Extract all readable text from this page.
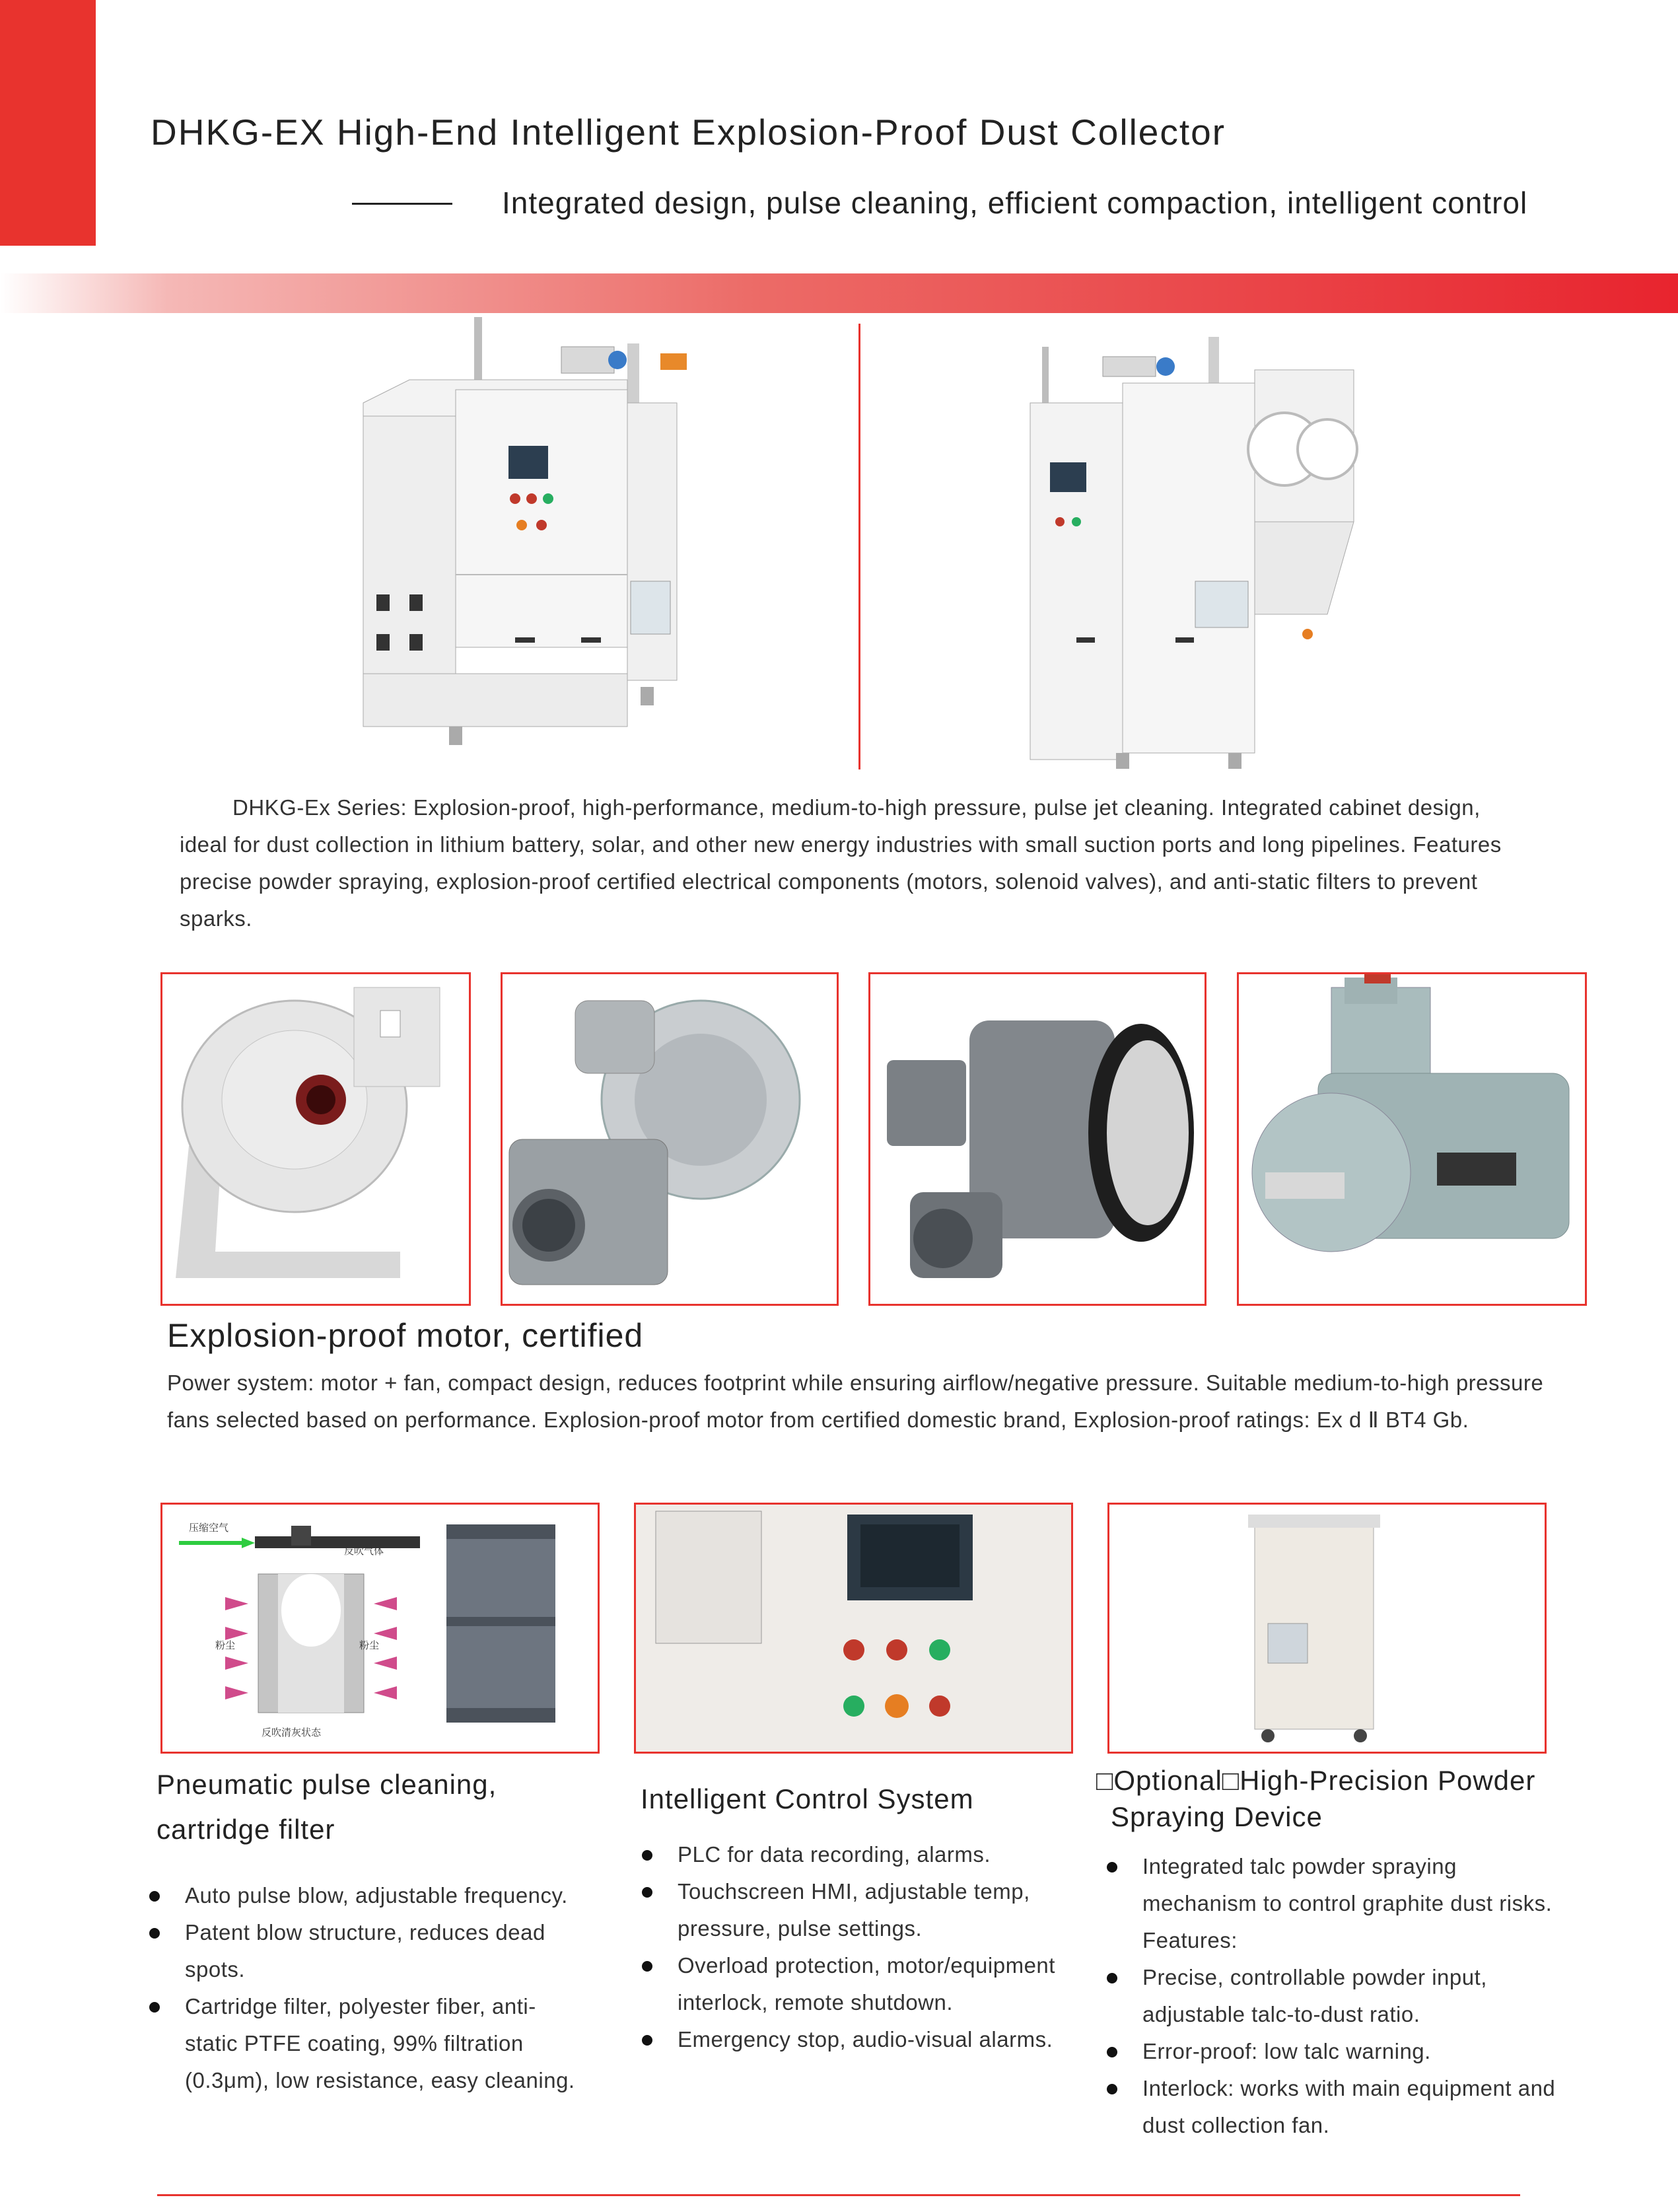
DHKG-EX High-End Intelligent Explosion-Proof Dust Collector
Integrated design, pulse cleaning, efficient compaction, intelligent control
DHKG-Ex Series: Explosion-proof, high-performance, medium-to-high pressure, pulse jet cleaning. Integrated cabinet design, ideal for dust collection in lithium battery, solar, and other new energy industries with small suction ports and long pipelines. Features precise powder spraying, explosion-proof certified electrical components (motors, solenoid valves), and anti-static filters to prevent sparks.
Explosion-proof motor, certified
Power system: motor + fan, compact design, reduces footprint while ensuring airflow/negative pressure. Suitable medium-to-high pressure fans selected based on performance. Explosion-proof motor from certified domestic brand, Explosion-proof ratings: Ex d Ⅱ BT4 Gb.
压缩空气
反吹气体
粉尘	粉尘
反吹清灰状态
Pneumatic pulse cleaning,
cartridge filter
Auto pulse blow, adjustable frequency.
Patent blow structure, reduces dead spots.
Cartridge filter, polyester fiber, anti-static PTFE coating, 99% filtration (0.3μm), low resistance, easy cleaning.
Intelligent Control System
PLC for data recording, alarms.
Touchscreen HMI, adjustable temp, pressure, pulse settings.
Overload protection, motor/equipment interlock, remote shutdown.
Emergency stop, audio-visual alarms.
□Optional□High-Precision Powder
Spraying Device
Integrated talc powder spraying mechanism to control graphite dust risks.
Features:
Precise, controllable powder input, adjustable talc-to-dust ratio.
Error-proof: low talc warning.
Interlock: works with main equipment and dust collection fan.
